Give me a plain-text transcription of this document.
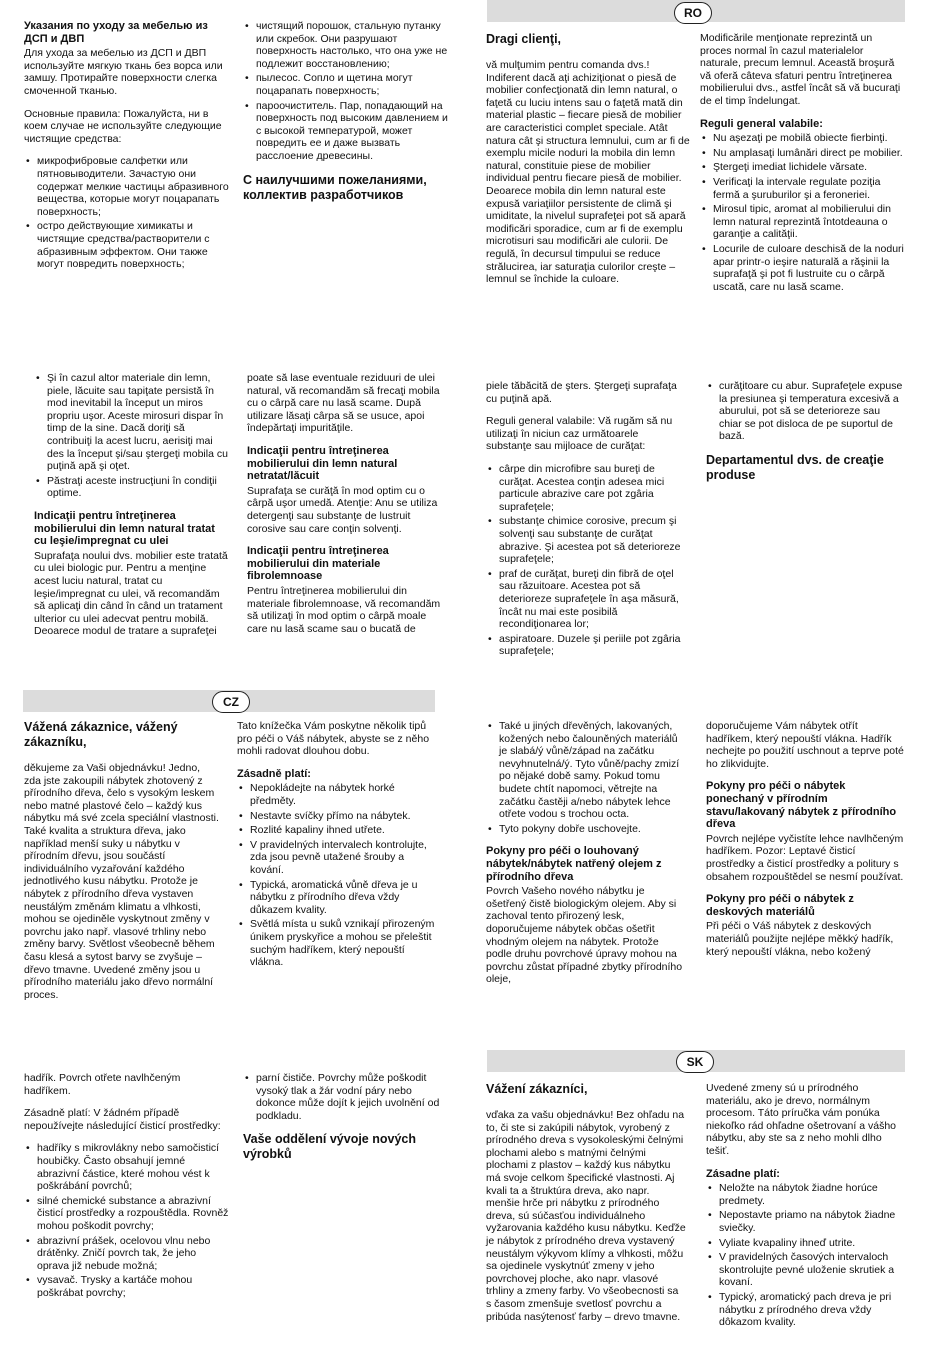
RO
CZ
SK
Указания по уходу за мебелью из ДСП и ДВП

Для ухода за мебелью из ДСП и ДВП используйте мягкую ткань без ворса или замшу. Протирайте поверхности слегка смоченной тканью.

Основные правила: Пожалуйста, ни в коем случае не используйте следующие чистящие средства:

• микрофибровые салфетки или пятновыводители. Зачастую они содержат мелкие частицы абразивного вещества, которые могут поцарапать поверхность;
• остро действующие химикаты и чистящие средства/растворители с абразивным эффектом. Они также могут повредить поверхность;
• чистящий порошок, стальную путанку или скребок. Они разрушают поверхность настолько, что она уже не подлежит восстановлению;
• пылесос. Сопло и щетина могут поцарапать поверхность;
• пароочиститель. Пар, попадающий на поверхность под высоким давлением и с высокой температурой, может повредить ее и даже вызвать расслоение древесины.
С наилучшими пожеланиями, коллектив разработчиков
Dragi clienţi,

vă mulţumim pentru comanda dvs.! Indiferent dacă aţi achiziţionat o piesă de mobilier confecţionată din lemn natural, o faţetă cu luciu intens sau o faţetă mată din material plastic – fiecare piesă de mobilier are caracteristici complet speciale. Atât natura cât şi structura lemnului, cum ar fi de exemplu micile noduri la mobila din lemn natural, constituie piese de mobilier individual pentru fiecare piesă de mobilier. Deoarece mobila din lemn natural este expusă variaţiilor persistente de climă şi umiditate, la nivelul suprafeţei pot să apară modificări sporadice, cum ar fi de exemplu microtisuri sau modificări ale culorii. De regulă, în decursul timpului se reduce strălucirea, iar saturaţia culorilor creşte – lemnul se închide la culoare.

Modificările menţionate reprezintă un proces normal în cazul materialelor naturale, precum lemnul. Această broşură vă oferă câteva sfaturi pentru întreţinerea mobilierului dvs., astfel încât să vă bucuraţi de el timp îndelungat.

Reguli general valabile:
• Nu aşezaţi pe mobilă obiecte fierbinţi.
• Nu amplasaţi lumânări direct pe mobilier.
• Ştergeţi imediat lichidele vărsate.
• Verificaţi la intervale regulate poziţia fermă a şuruburilor şi a feroneriei.
• Mirosul tipic, aromat al mobilierului din lemn natural reprezintă întotdeauna o garanţie a calităţii.
• Locurile de culoare deschisă de la noduri apar printr-o ieşire naturală a răşinii la suprafaţă şi pot fi lustruite cu o cârpă uscată, care nu lasă scame.
• Şi în cazul altor materiale din lemn, piele, lăcuite sau tapiţate persistă în mod inevitabil la început un miros propriu uşor. Aceste mirosuri dispar în timp de la sine. Dacă doriţi să contribuiţi la acest lucru, aerisiţi mai des la început şi/sau ştergeţi mobila cu puţină apă şi oţet.
• Păstraţi aceste instrucţiuni în condiţii optime.
Indicaţii pentru întreţinerea mobilierului din lemn natural tratat cu leşie/impregnat cu ulei

Suprafaţa noului dvs. mobilier este tratată cu ulei biologic pur. Pentru a menţine acest luciu natural, tratat cu leşie/impregnat cu ulei, vă recomandăm să aplicaţi din când în când un tratament ulterior cu ulei adecvat pentru mobilă. Deoarece modul de tratare a suprafeţei

poate să lase eventuale reziduuri de ulei natural, vă recomandăm să frecaţi mobila cu o cârpă care nu lasă scame. După utilizare lăsaţi cârpa să se usuce, apoi îndepărtaţi impurităţile.

Indicaţii pentru întreţinerea mobilierului din lemn natural netratat/lăcuit

Suprafaţa se curăţă în mod optim cu o cârpă uşor umedă. Atenţie: Anu se utiliza detergenţi sau substanţe de lustruit corosive sau care conţin solvenţi.

Indicaţii pentru întreţinerea mobilierului din materiale fibrolemnoase

Pentru întreţinerea mobilierului din materiale fibrolemnoase, vă recomandăm să utilizaţi în mod optim o cârpă moale care nu lasă scame sau o bucată de

piele tăbăcită de şters. Ştergeţi suprafaţa cu puţină apă.

Reguli general valabile: Vă rugăm să nu utilizaţi în niciun caz următoarele substanţe sau mijloace de curăţat:

• cârpe din microfibre sau bureţi de curăţat. Acestea conţin adesea mici particule abrazive care pot zgâria suprafeţele;
• substanţe chimice corosive, precum şi solvenţi sau substanţe de curăţat abrazive. Şi acestea pot să deterioreze suprafeţele;
• praf de curăţat, bureţi din fibră de oţel sau răzuitoare. Acestea pot să deterioreze suprafeţele în aşa măsură, încât nu mai este posibilă recondiţionarea lor;
• aspiratoare. Duzele şi periile pot zgâria suprafeţele;
• curăţitoare cu abur. Suprafeţele expuse la presiunea şi temperatura excesivă a aburului, pot să se deterioreze sau chiar se pot disloca de pe suportul de bază.
Departamentul dvs. de creaţie produse
Vážená zákaznice, vážený zákazníku,

děkujeme za Vaši objednávku! Jedno, zda jste zakoupili nábytek zhotovený z přírodního dřeva, čelo s vysokým leskem nebo matné plastové čelo – každý kus nábytku má své zcela speciální vlastnosti. Také kvalita a struktura dřeva, jako například menší suky u nábytku v přírodním dřevu, jsou součástí individuálního vyzařování každého jednotlivého kusu nábytku. Protože je nábytek z přírodního dřeva vystaven neustálým změnám klimatu a vlhkosti, mohou se ojediněle vyskytnout změny v povrchu jako např. vlasové trhliny nebo změny barvy. Světlost všeobecně během času klesá a sytost barvy se zvyšuje – dřevo tmavne. Uvedené změny jsou u přírodního materiálu jako dřevo normální proces.

Tato knížečka Vám poskytne několik tipů pro péči o Váš nábytek, abyste se z něho mohli radovat dlouhou dobu.

Zásadně platí:
• Nepokládejte na nábytek horké předměty.
• Nestavte svíčky přímo na nábytek.
• Rozlité kapaliny ihned utřete.
• V pravidelných intervalech kontrolujte, zda jsou pevně utažené šrouby a kování.
• Typická, aromatická vůně dřeva je u nábytku z přírodního dřeva vždy důkazem kvality.
• Světlá místa u suků vznikají přirozeným únikem pryskyřice a mohou se přeleštit suchým hadříkem, který nepouští vlákna.
• Také u jiných dřevěných, lakovaných, kožených nebo čalouněných materiálů je slabá/ý vůně/západ na začátku nevyhnutelná/ý. Tyto vůně/pachy zmizí po nějaké době samy. Pokud tomu budete chtít napomoci, větrejte na začátku častěji a/nebo nábytek lehce otřete vodou s trochou octa.
• Tyto pokyny dobře uschovejte.
Pokyny pro péči o louhovaný nábytek/nábytek natřený olejem z přírodního dřeva

Povrch Vašeho nového nábytku je ošetřený čistě biologickým olejem. Aby si zachoval tento přirozený lesk, doporučujeme nábytek občas ošetřit vhodným olejem na nábytek. Protože podle druhu povrchové úpravy mohou na povrchu zůstat případné zbytky přírodního oleje,

doporučujeme Vám nábytek otřít hadříkem, který nepouští vlákna. Hadřík nechejte po použití uschnout a teprve poté ho zlikvidujte.

Pokyny pro péči o nábytek ponechaný v přírodním stavu/lakovaný nábytek z přírodního dřeva

Povrch nejlépe vyčistíte lehce navlhčeným hadříkem. Pozor: Leptavé čisticí prostředky a čisticí prostředky a politury s obsahem rozpouštědel se nesmí používat.

Pokyny pro péči o nábytek z deskových materiálů

Při péči o Váš nábytek z deskových materiálů použijte nejlépe měkký hadřík, který nepouští vlákna, nebo kožený

hadřík. Povrch otřete navlhčeným hadříkem.

Zásadně platí: V žádném případě nepoužívejte následující čisticí prostředky:

• hadříky s mikrovlákny nebo samočisticí houbičky. Často obsahují jemné abrazivní částice, které mohou vést k poškrábání povrchů;
• silné chemické substance a abrazivní čisticí prostředky a rozpouštědla. Rovněž mohou poškodit povrchy;
• abrazivní prášek, ocelovou vlnu nebo drátěnky. Zničí povrch tak, že jeho oprava již nebude možná;
• vysavač. Trysky a kartáče mohou poškrábat povrchy;
• parní čističe. Povrchy může poškodit vysoký tlak a žár vodní páry nebo dokonce může dojít k jejich uvolnění od podkladu.
Vaše oddělení vývoje nových výrobků
Vážení zákazníci,

vďaka za vašu objednávku! Bez ohľadu na to, či ste si zakúpili nábytok, vyrobený z prírodného dreva s vysokoleskými čelnými plochami alebo s matnými čelnými plochami z plastov – každý kus nábytku má svoje celkom špecifické vlastnosti. Aj kvali ta a štruktúra dreva, ako napr. menšie hrče pri nábytku z prírodného dreva, sú súčasťou individuálneho vyžarovania každého kusu nábytku. Keďže je nábytok z prírodného dreva vystavený neustálym výkyvom klímy a vlhkosti, môžu sa ojedinele vyskytnúť zmeny v jeho povrchovej ploche, ako napr. vlasové trhliny a zmeny farby. Vo všeobecnosti sa s časom zmenšuje svetlosť povrchu a pribúda nasýtenosť farby – drevo tmavne.

Uvedené zmeny sú u prírodného materiálu, ako je drevo, normálnym procesom. Táto príručka vám ponúka niekoľko rád ohľadne ošetrovaní a vášho nábytku, aby ste sa z neho mohli dlho tešiť.

Zásadne platí:
• Neložte na nábytok žiadne horúce predmety.
• Nepostavte priamo na nábytok žiadne sviečky.
• Vyliate kvapaliny ihneď utrite.
• V pravidelných časových intervaloch skontrolujte pevné uloženie skrutiek a kovaní.
• Typický, aromatický pach dreva je pri nábytku z prírodného dreva vždy dôkazom kvality.
